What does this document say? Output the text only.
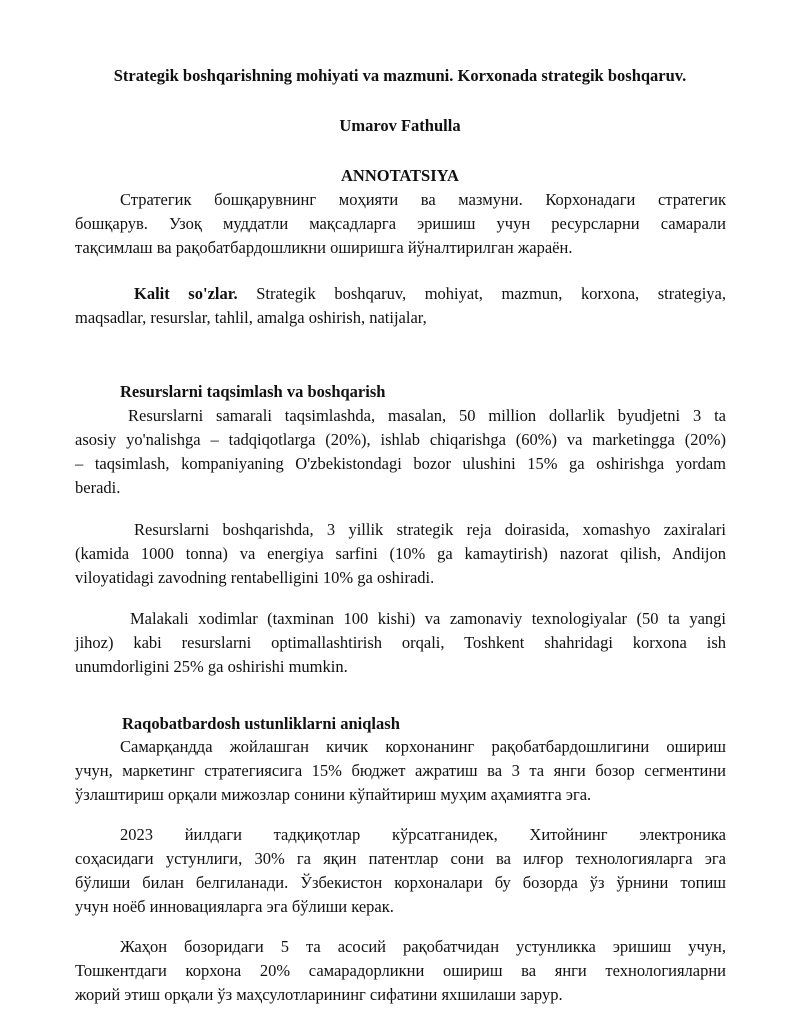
Strategik boshqarishning mohiyati va mazmuni. Korxonada strategik boshqaruv.
Umarov Fathulla
ANNOTATSIYA
Стратегик бошқарувнинг моҳияти ва мазмуни. Корхонадаги стратегик
бошқарув. Узоқ муддатли мақсадларга эришиш учун ресурсларни самарали
тақсимлаш ва рақобатбардошликни оширишга йўналтирилган жараён.
Kalit so'zlar. Strategik boshqaruv, mohiyat, mazmun, korxona, strategiya,
maqsadlar, resurslar, tahlil, amalga oshirish, natijalar,
Resurslarni taqsimlash va boshqarish
Resurslarni samarali taqsimlashda, masalan, 50 million dollarlik byudjetni 3 ta
asosiy yo'nalishga – tadqiqotlarga (20%), ishlab chiqarishga (60%) va marketingga (20%)
– taqsimlash, kompaniyaning O'zbekistondagi bozor ulushini 15% ga oshirishga yordam
beradi.
Resurslarni boshqarishda, 3 yillik strategik reja doirasida, xomashyo zaxiralari
(kamida 1000 tonna) va energiya sarfini (10% ga kamaytirish) nazorat qilish, Andijon
viloyatidagi zavodning rentabelligini 10% ga oshiradi.
Malakali xodimlar (taxminan 100 kishi) va zamonaviy texnologiyalar (50 ta yangi
jihoz) kabi resurslarni optimallashtirish orqali, Toshkent shahridagi korxona ish
unumdorligini 25% ga oshirishi mumkin.
Raqobatbardosh ustunliklarni aniqlash
Самарқандда жойлашган кичик корхонанинг рақобатбардошлигини ошириш
учун, маркетинг стратегиясига 15% бюджет ажратиш ва 3 та янги бозор сегментини
ўзлаштириш орқали мижозлар сонини кўпайтириш муҳим аҳамиятга эга.
2023 йилдаги тадқиқотлар кўрсатганидек, Хитойнинг электроника
соҳасидаги устунлиги, 30% га яқин патентлар сони ва илғор технологияларга эга
бўлиши билан белгиланади. Ўзбекистон корхоналари бу бозорда ўз ўрнини топиш
учун ноёб инновацияларга эга бўлиши керак.
Жаҳон бозоридаги 5 та асосий рақобатчидан устунликка эришиш учун,
Тошкентдаги корхона 20% самарадорликни ошириш ва янги технологияларни
жорий этиш орқали ўз маҳсулотларининг сифатини яхшилаши зарур.
